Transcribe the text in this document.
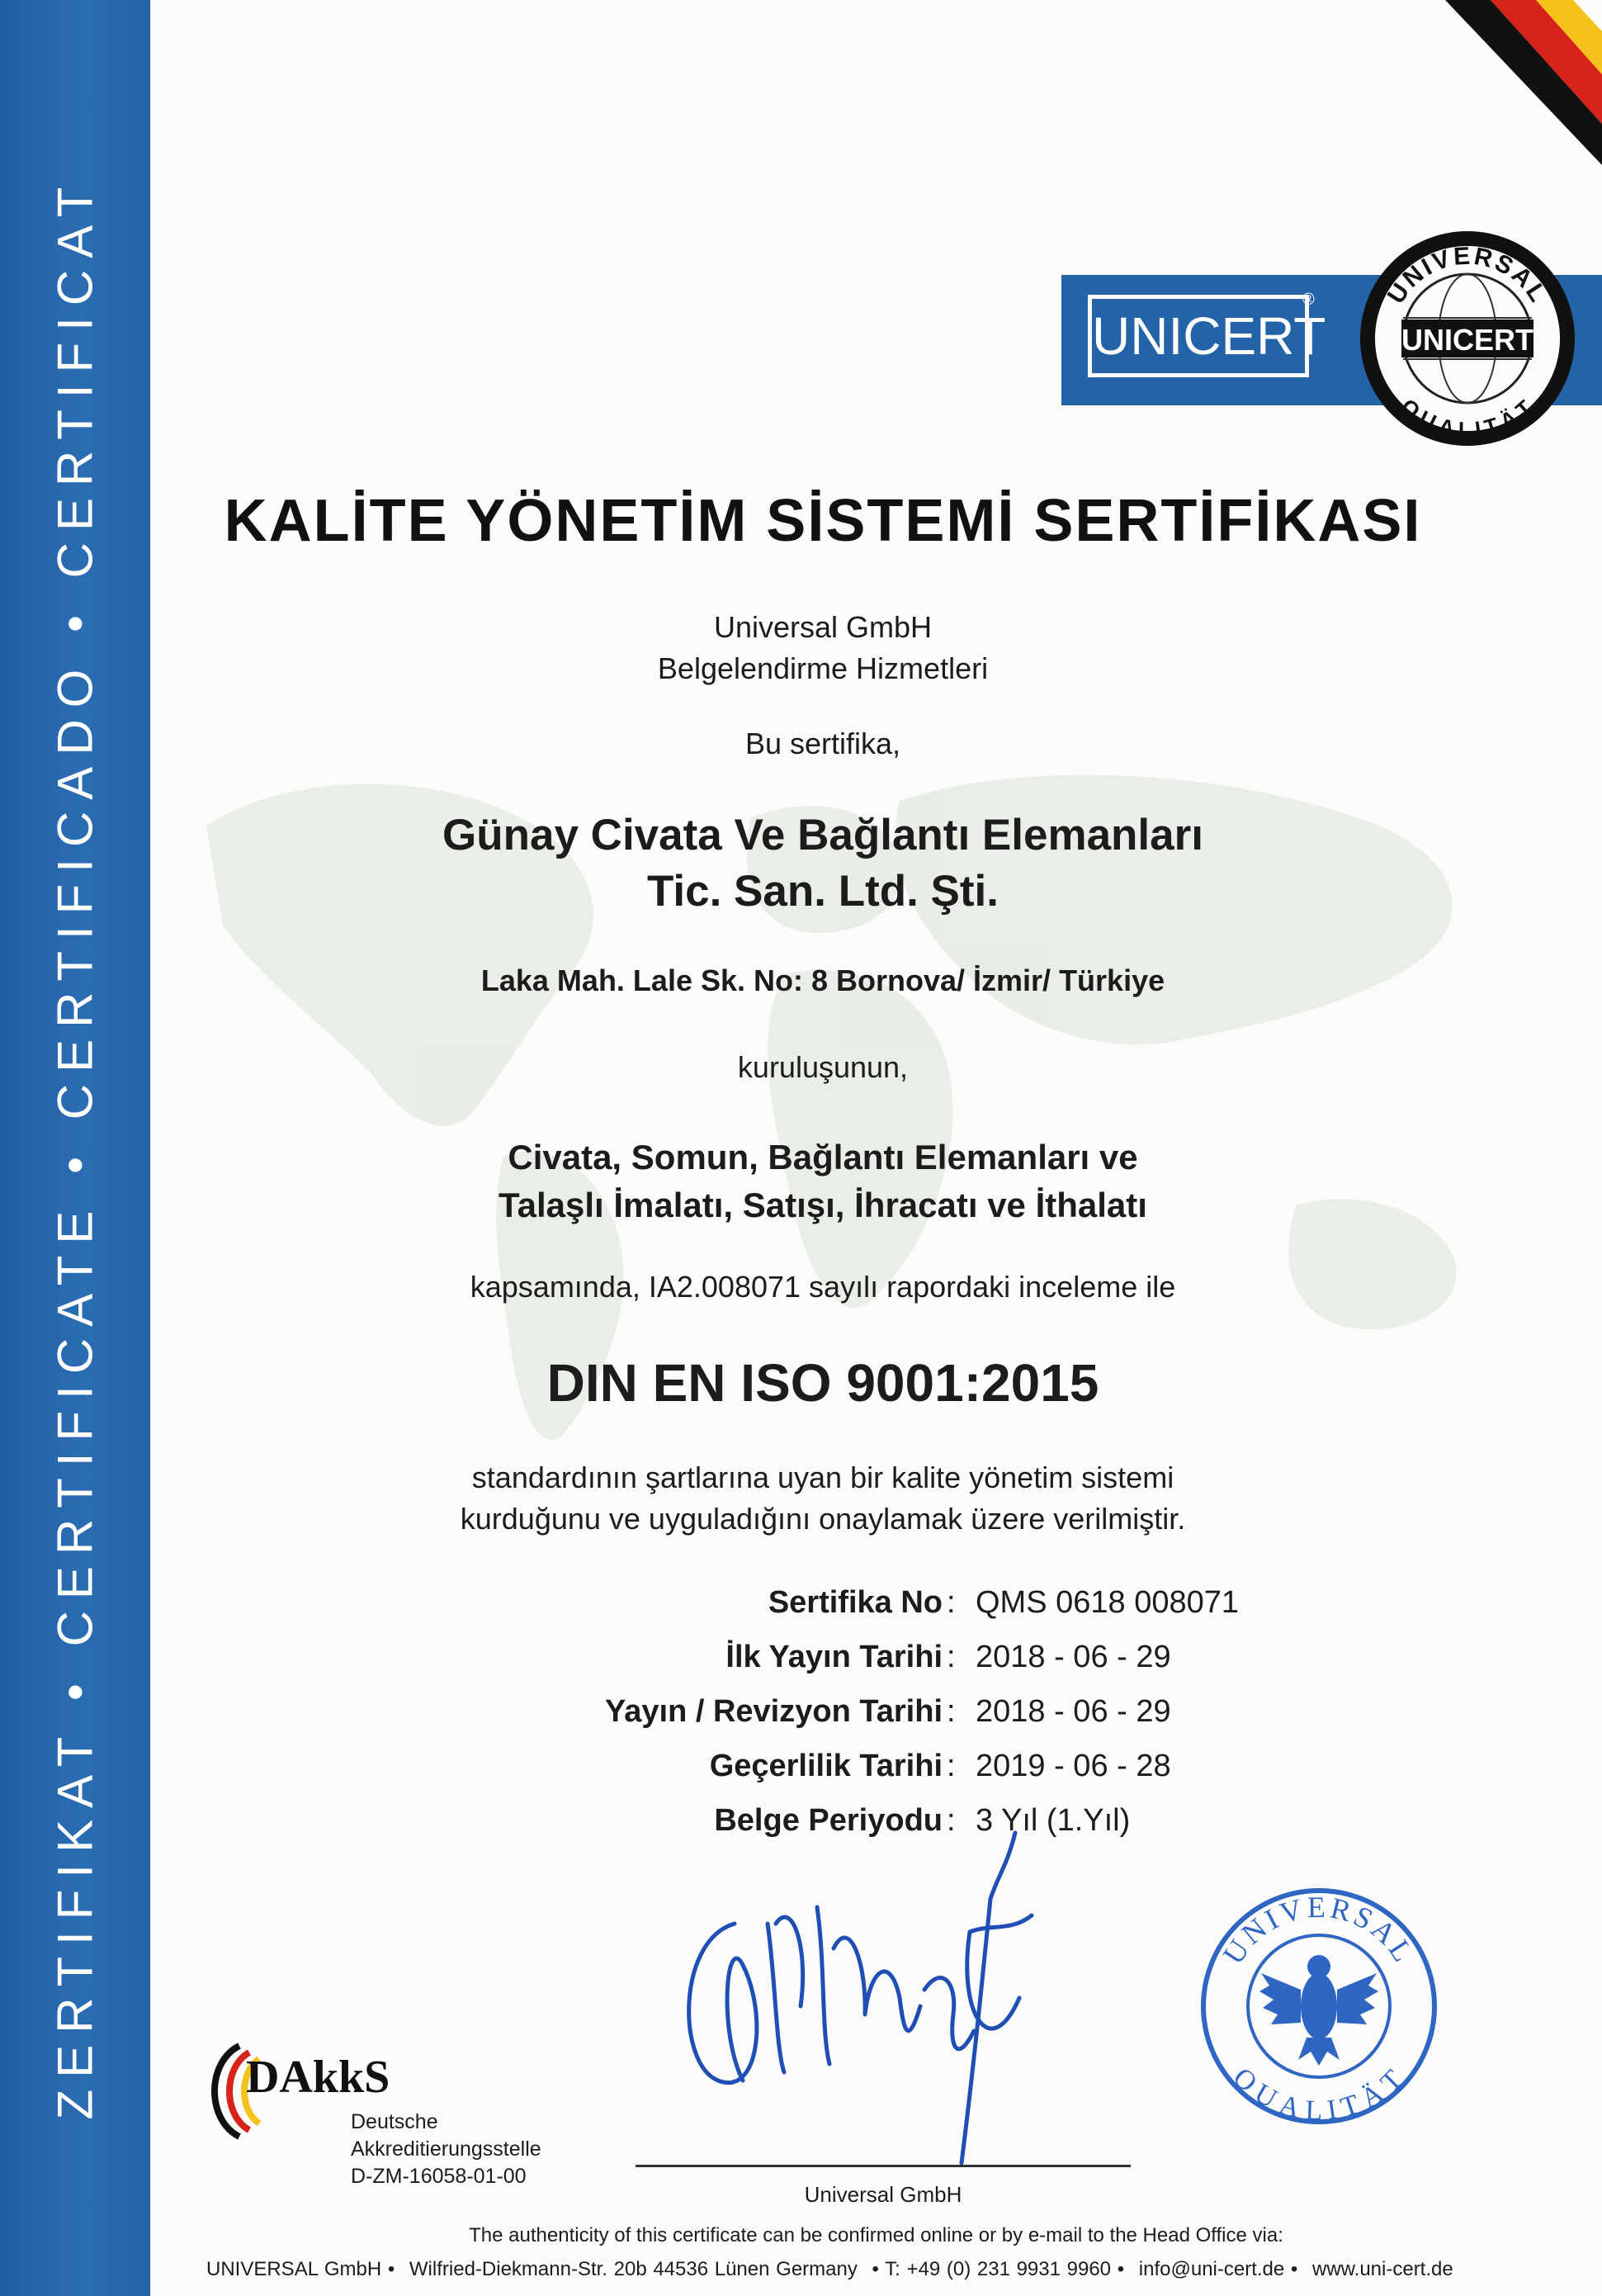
ZERTIFIKAT • CERTIFICATE • CERTIFICADO • CERTIFICAT	UNICERT
®
UNICERT
UNIVERSAL
QUALITÄT
KALİTE YÖNETİM SİSTEMİ SERTİFİKASI
Universal GmbH
Belgelendirme Hizmetleri
Bu sertifika,
Günay Civata Ve Bağlantı Elemanları
Tic. San. Ltd. Şti.
Laka Mah. Lale Sk. No: 8 Bornova/ İzmir/ Türkiye
kuruluşunun,
Civata, Somun, Bağlantı Elemanları ve
Talaşlı İmalatı, Satışı, İhracatı ve İthalatı
kapsamında, IA2.008071 sayılı rapordaki inceleme ile
DIN EN ISO 9001:2015
standardının şartlarına uyan bir kalite yönetim sistemi
kurduğunu ve uyguladığını onaylamak üzere verilmiştir.
Sertifika No : QMS 0618 008071
İlk Yayın Tarihi : 2018 - 06 - 29
Yayın / Revizyon Tarihi : 2018 - 06 - 29
Geçerlilik Tarihi : 2019 - 06 - 28
Belge Periyodu : 3 Yıl (1.Yıl)
Universal GmbH
UNIVERSAL
QUALITÄT
DAkkS
Deutsche
Akkreditierungsstelle
D-ZM-16058-01-00
The authenticity of this certificate can be confirmed online or by e-mail to the Head Office via:
UNIVERSAL GmbH • Wilfried-Diekmann-Str. 20b 44536 Lünen Germany • T: +49 (0) 231 9931 9960 • info@uni-cert.de • www.uni-cert.de
